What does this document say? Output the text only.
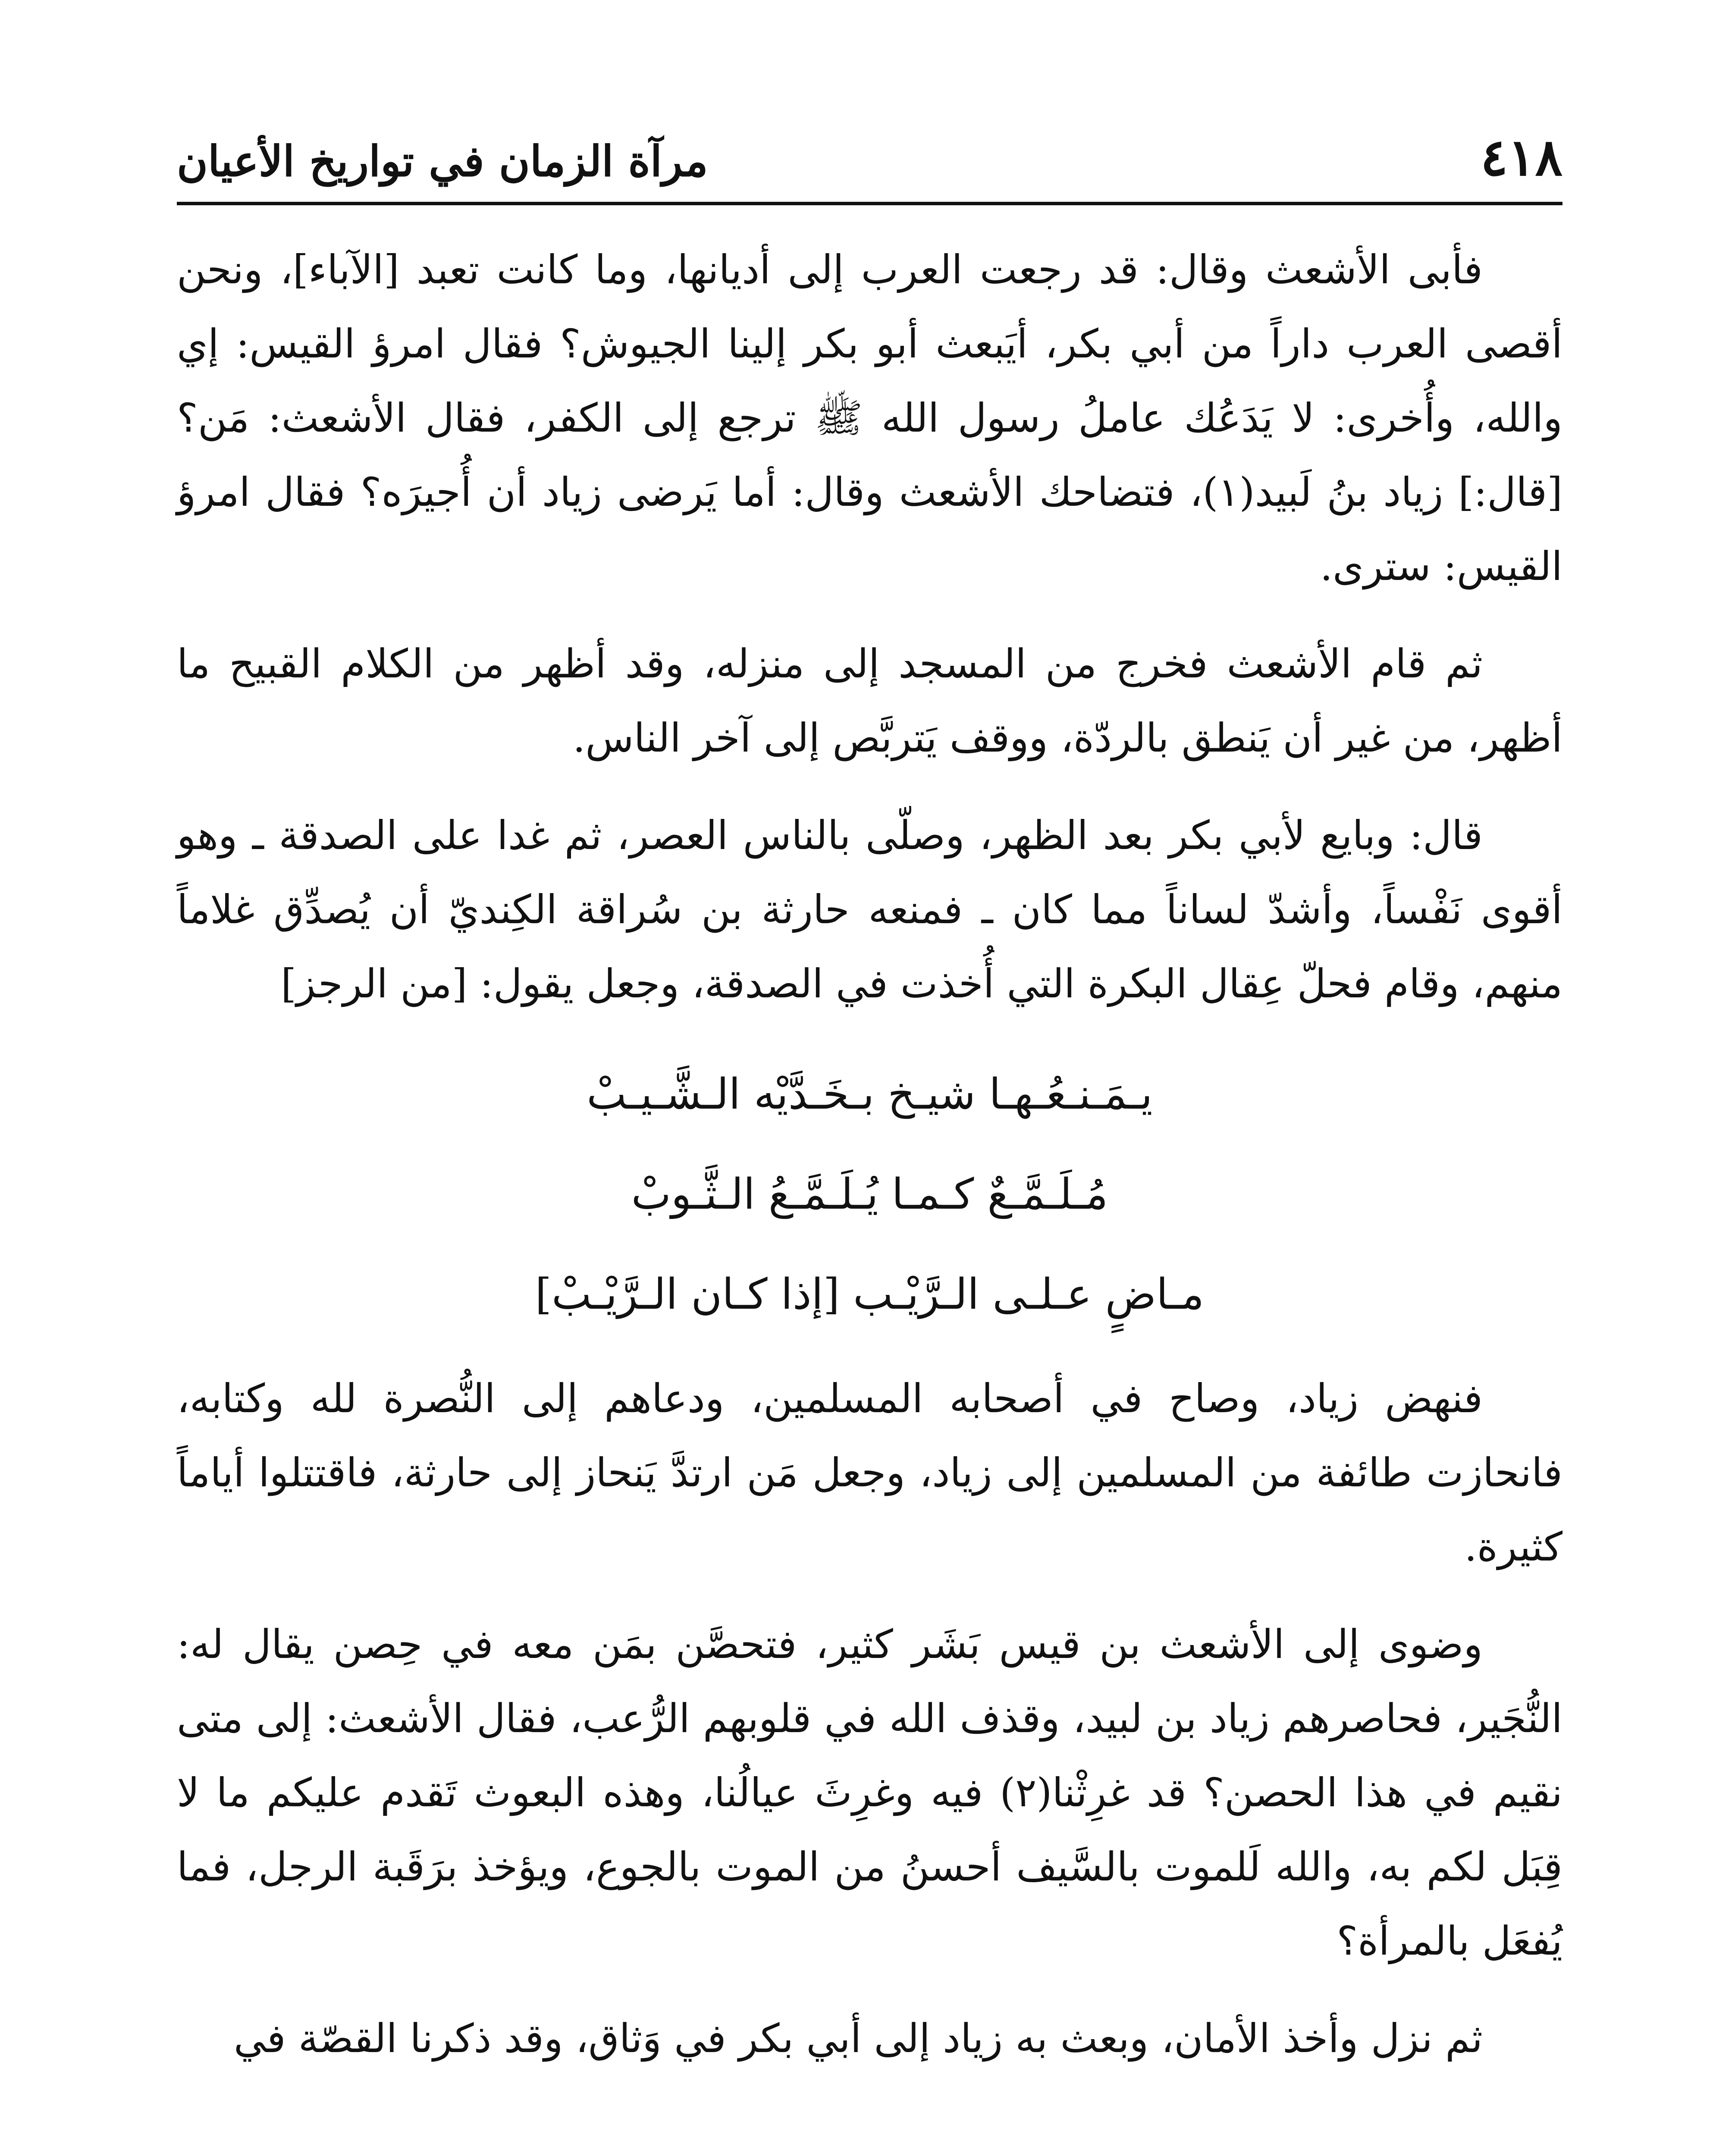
٤١٨
مرآة الزمان في تواريخ الأعيان

فأبى الأشعث وقال: قد رجعت العرب إلى أديانها، وما كانت تعبد [الآباء]، ونحن أقصى العرب داراً من أبي بكر، أيَبعث أبو بكر إلينا الجيوش؟ فقال امرؤ القيس: إي والله، وأُخرى: لا يَدَعُك عاملُ رسول الله ﷺ ترجع إلى الكفر، فقال الأشعث: مَن؟ [قال:] زياد بنُ لَبيد(١)، فتضاحك الأشعث وقال: أما يَرضى زياد أن أُجيرَه؟ فقال امرؤ القيس: سترى.

ثم قام الأشعث فخرج من المسجد إلى منزله، وقد أظهر من الكلام القبيح ما أظهر، من غير أن يَنطق بالردّة، ووقف يَتربَّص إلى آخر الناس.

قال: وبايع لأبي بكر بعد الظهر، وصلّى بالناس العصر، ثم غدا على الصدقة ـ وهو أقوى نَفْساً، وأشدّ لساناً مما كان ـ فمنعه حارثة بن سُراقة الكِنديّ أن يُصدِّق غلاماً منهم، وقام فحلّ عِقال البكرة التي أُخذت في الصدقة، وجعل يقول: [من الرجز]

يـمَـنـعُـهـا شيـخ بـخَـدَّيْه الـشَّـيـبْ
مُـلَـمَّـعٌ كـمـا يُـلَـمَّـعُ الـثَّـوبْ
مـاضٍ عـلـى الـرَّيْـب [إذا كـان الـرَّيْـبْ]

فنهض زياد، وصاح في أصحابه المسلمين، ودعاهم إلى النُّصرة لله وكتابه، فانحازت طائفة من المسلمين إلى زياد، وجعل مَن ارتدَّ يَنحاز إلى حارثة، فاقتتلوا أياماً كثيرة.

وضوى إلى الأشعث بن قيس بَشَر كثير، فتحصَّن بمَن معه في حِصن يقال له: النُّجَير، فحاصرهم زياد بن لبيد، وقذف الله في قلوبهم الرُّعب، فقال الأشعث: إلى متى نقيم في هذا الحصن؟ قد غرِثْنا(٢) فيه وغرِثَ عيالُنا، وهذه البعوث تَقدم عليكم ما لا قِبَل لكم به، والله لَلموت بالسَّيف أحسنُ من الموت بالجوع، ويؤخذ برَقَبة الرجل، فما يُفعَل بالمرأة؟

ثم نزل وأخذ الأمان، وبعث به زياد إلى أبي بكر في وَثاق، وقد ذكرنا القصّة في
